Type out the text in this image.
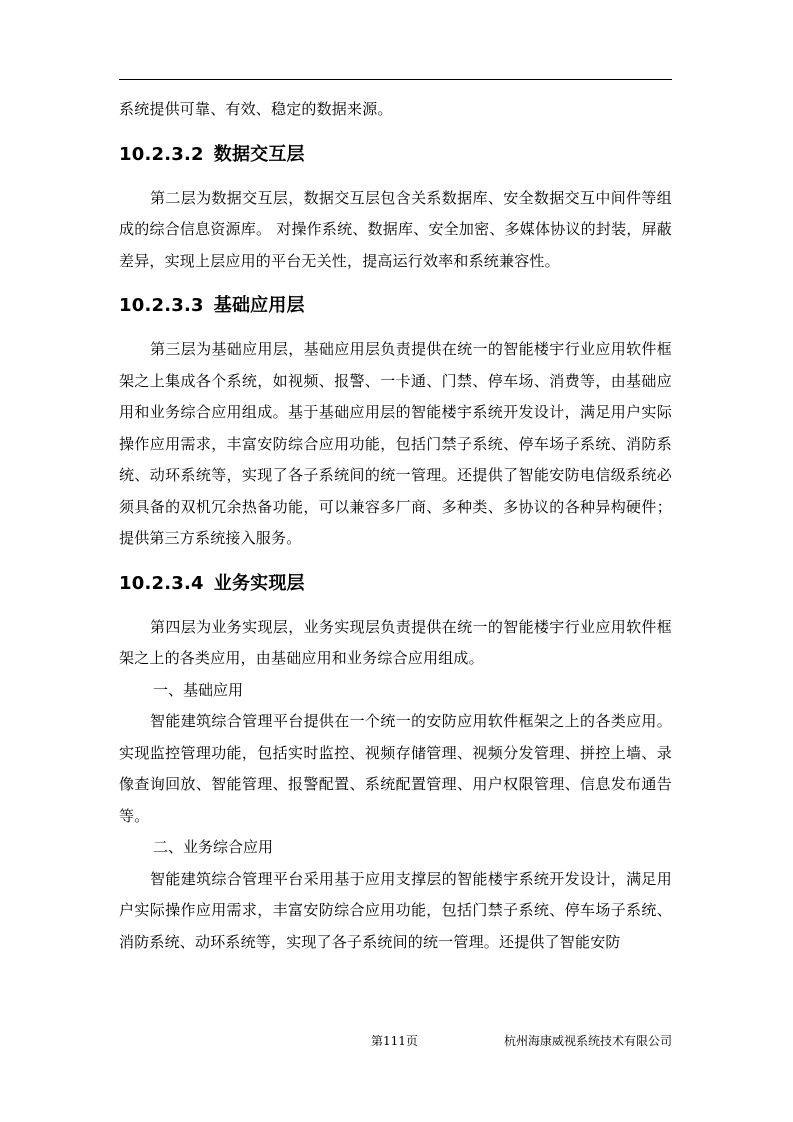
系统提供可靠、有效、稳定的数据来源。

10.2.3.2 数据交互层

第二层为数据交互层，数据交互层包含关系数据库、安全数据交互中间件等组成的综合信息资源库。 对操作系统、数据库、安全加密、多媒体协议的封装，屏蔽差异，实现上层应用的平台无关性，提高运行效率和系统兼容性。

10.2.3.3 基础应用层

第三层为基础应用层，基础应用层负责提供在统一的智能楼宇行业应用软件框架之上集成各个系统，如视频、报警、一卡通、门禁、停车场、消费等，由基础应用和业务综合应用组成。基于基础应用层的智能楼宇系统开发设计，满足用户实际操作应用需求，丰富安防综合应用功能，包括门禁子系统、停车场子系统、消防系统、动环系统等，实现了各子系统间的统一管理。还提供了智能安防电信级系统必须具备的双机冗余热备功能，可以兼容多厂商、多种类、多协议的各种异构硬件；提供第三方系统接入服务。

10.2.3.4 业务实现层

第四层为业务实现层，业务实现层负责提供在统一的智能楼宇行业应用软件框架之上的各类应用，由基础应用和业务综合应用组成。

一、基础应用

智能建筑综合管理平台提供在一个统一的安防应用软件框架之上的各类应用。实现监控管理功能，包括实时监控、视频存储管理、视频分发管理、拼控上墙、录像查询回放、智能管理、报警配置、系统配置管理、用户权限管理、信息发布通告等。

二、业务综合应用

智能建筑综合管理平台采用基于应用支撑层的智能楼宇系统开发设计，满足用户实际操作应用需求，丰富安防综合应用功能，包括门禁子系统、停车场子系统、消防系统、动环系统等，实现了各子系统间的统一管理。还提供了智能安防

第111页	杭州海康威视系统技术有限公司
